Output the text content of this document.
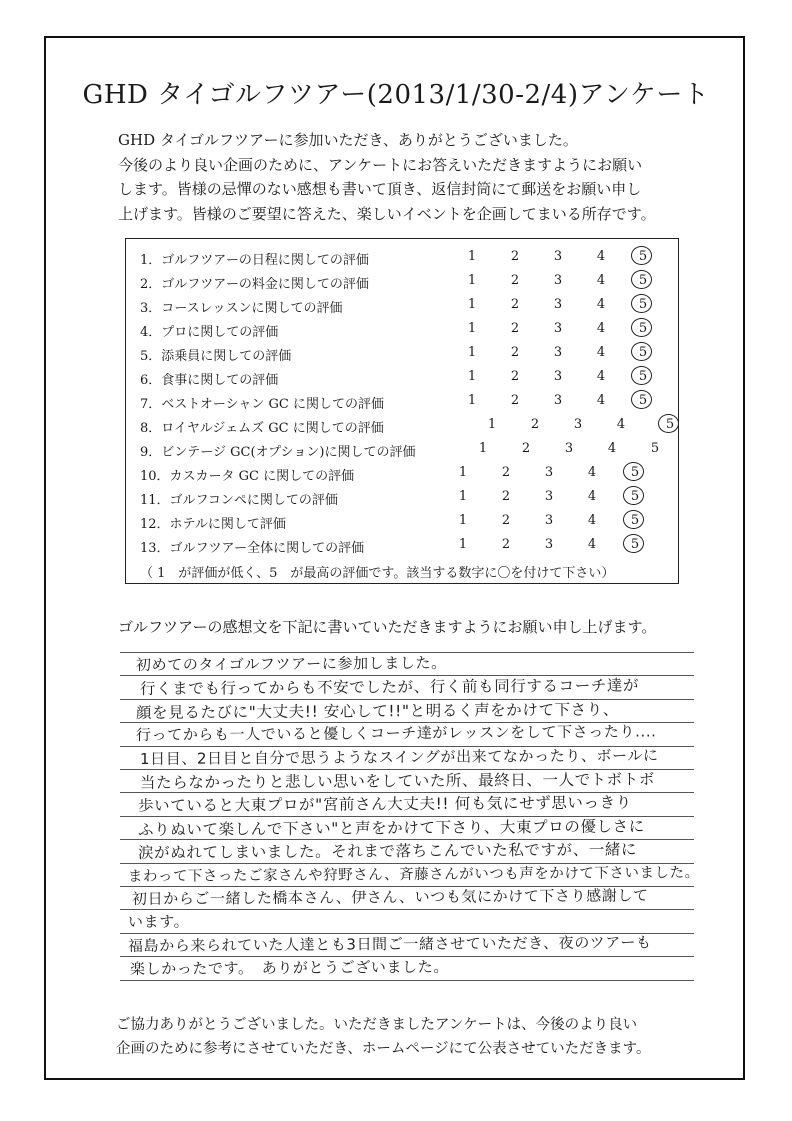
GHD タイゴルフツアー(2013/1/30-2/4)アンケート
GHD タイゴルフツアーに参加いただき、ありがとうございました。
今後のより良い企画のために、アンケートにお答えいただきますようにお願い
します。皆様の忌憚のない感想も書いて頂き、返信封筒にて郵送をお願い申し
上げます。皆様のご要望に答えた、楽しいイベントを企画してまいる所存です。
（ 1　が評価が低く、5　が最高の評価です。該当する数字に〇を付けて下さい）
1．ゴルフツアーの日程に関しての評価	1	2	3	4	5
2．ゴルフツアーの料金に関しての評価	1	2	3	4	5
3．コースレッスンに関しての評価	1	2	3	4	5
4．プロに関しての評価	1	2	3	4	5
5．添乗員に関しての評価	1	2	3	4	5
6．食事に関しての評価	1	2	3	4	5
7．ベストオーシャン GC に関しての評価	1	2	3	4	5
8．ロイヤルジェムズ GC に関しての評価	1	2	3	4	5
9．ビンテージ GC(オプション)に関しての評価	1	2	3	4	5
10．カスカータ GC に関しての評価	1	2	3	4	5
11．ゴルフコンペに関しての評価	1	2	3	4	5
12．ホテルに関して評価	1	2	3	4	5
13．ゴルフツアー全体に関しての評価	1	2	3	4	5
ゴルフツアーの感想文を下記に書いていただきますようにお願い申し上げます。
初めてのタイゴルフツアーに参加しました。
行くまでも行ってからも不安でしたが、行く前も同行するコーチ達が
顔を見るたびに"大丈夫!! 安心して!!"と明るく声をかけて下さり、
行ってからも一人でいると優しくコーチ達がレッスンをして下さったり....
1日目、2日目と自分で思うようなスイングが出来てなかったり、ボールに
当たらなかったりと悲しい思いをしていた所、最終日、一人でトボトボ
歩いていると大東プロが"宮前さん大丈夫!! 何も気にせず思いっきり
ふりぬいて楽しんで下さい"と声をかけて下さり、大東プロの優しさに
涙がぬれてしまいました。それまで落ちこんでいた私ですが、一緒に
まわって下さったご家さんや狩野さん、斉藤さんがいつも声をかけて下さいました。
初日からご一緒した橋本さん、伊さん、いつも気にかけて下さり感謝して
います。
福島から来られていた人達とも3日間ご一緒させていただき、夜のツアーも
楽しかったです。　ありがとうございました。
ご協力ありがとうございました。いただきましたアンケートは、今後のより良い
企画のために参考にさせていただき、ホームページにて公表させていただきます。
